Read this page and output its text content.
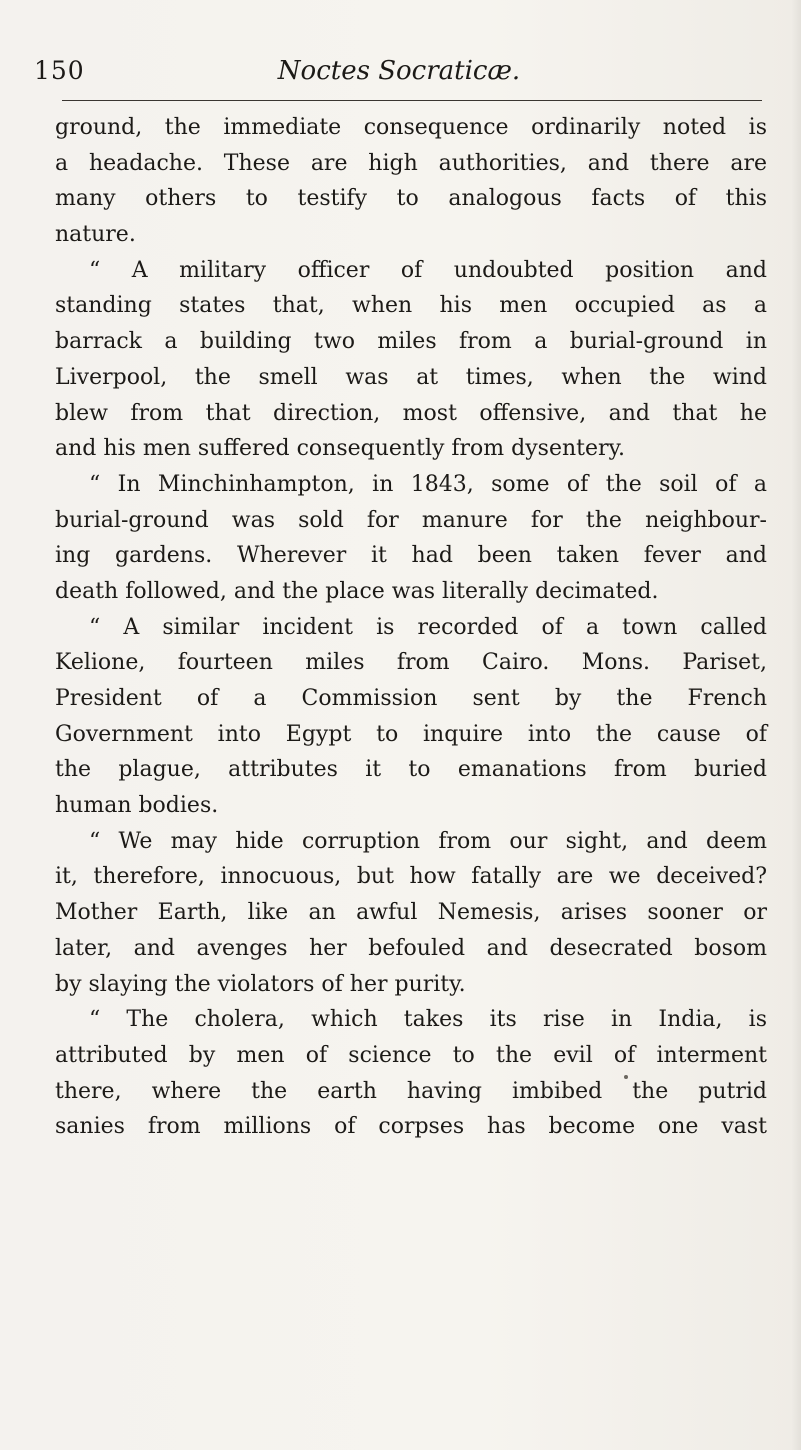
150	Noctes Socraticæ.
ground, the immediate consequence ordinarily noted is
a headache. These are high authorities, and there are
many others to testify to analogous facts of this
nature.
“ A military officer of undoubted position and
standing states that, when his men occupied as a
barrack a building two miles from a burial-ground in
Liverpool, the smell was at times, when the wind
blew from that direction, most offensive, and that he
and his men suffered consequently from dysentery.
“ In Minchinhampton, in 1843, some of the soil of a
burial-ground was sold for manure for the neighbour-
ing gardens. Wherever it had been taken fever and
death followed, and the place was literally decimated.
“ A similar incident is recorded of a town called
Kelione, fourteen miles from Cairo. Mons. Pariset,
President of a Commission sent by the French
Government into Egypt to inquire into the cause of
the plague, attributes it to emanations from buried
human bodies.
“ We may hide corruption from our sight, and deem
it, therefore, innocuous, but how fatally are we deceived?
Mother Earth, like an awful Nemesis, arises sooner or
later, and avenges her befouled and desecrated bosom
by slaying the violators of her purity.
“ The cholera, which takes its rise in India, is
attributed by men of science to the evil of interment
there, where the earth having imbibed the putrid
sanies from millions of corpses has become one vast
